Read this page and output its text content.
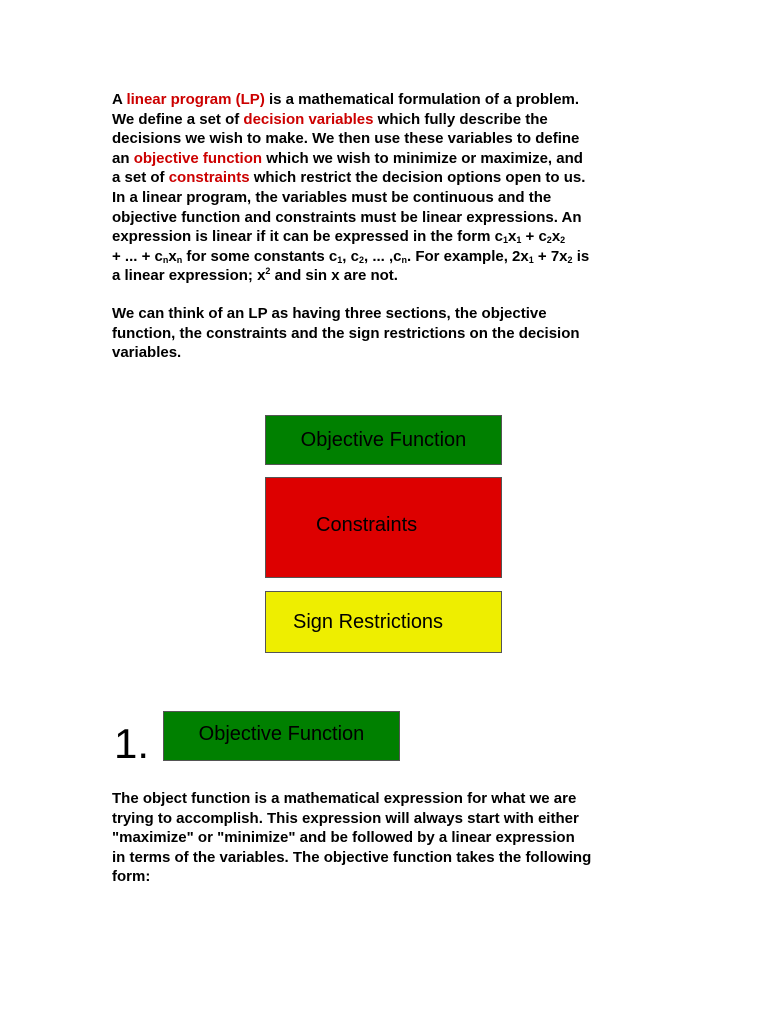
A linear program (LP) is a mathematical formulation of a problem.
We define a set of decision variables which fully describe the
decisions we wish to make. We then use these variables to define
an objective function which we wish to minimize or maximize, and
a set of constraints which restrict the decision options open to us.
In a linear program, the variables must be continuous and the
objective function and constraints must be linear expressions. An
expression is linear if it can be expressed in the form $c_1x_1 + c_2x_2$
+ ... + $c_nx_n$ for some constants $c_1$, $c_2$, ... $,c_n$. For example, $2x_1 + 7x_2$ is
a linear expression; $x^2$ and sin x are not.
We can think of an LP as having three sections, the objective
function, the constraints and the sign restrictions on the decision
variables.
Objective Function
Constraints
Sign Restrictions
1. Objective Function
The object function is a mathematical expression for what we are
trying to accomplish. This expression will always start with either
"maximize" or "minimize" and be followed by a linear expression
in terms of the variables. The objective function takes the following
form:
